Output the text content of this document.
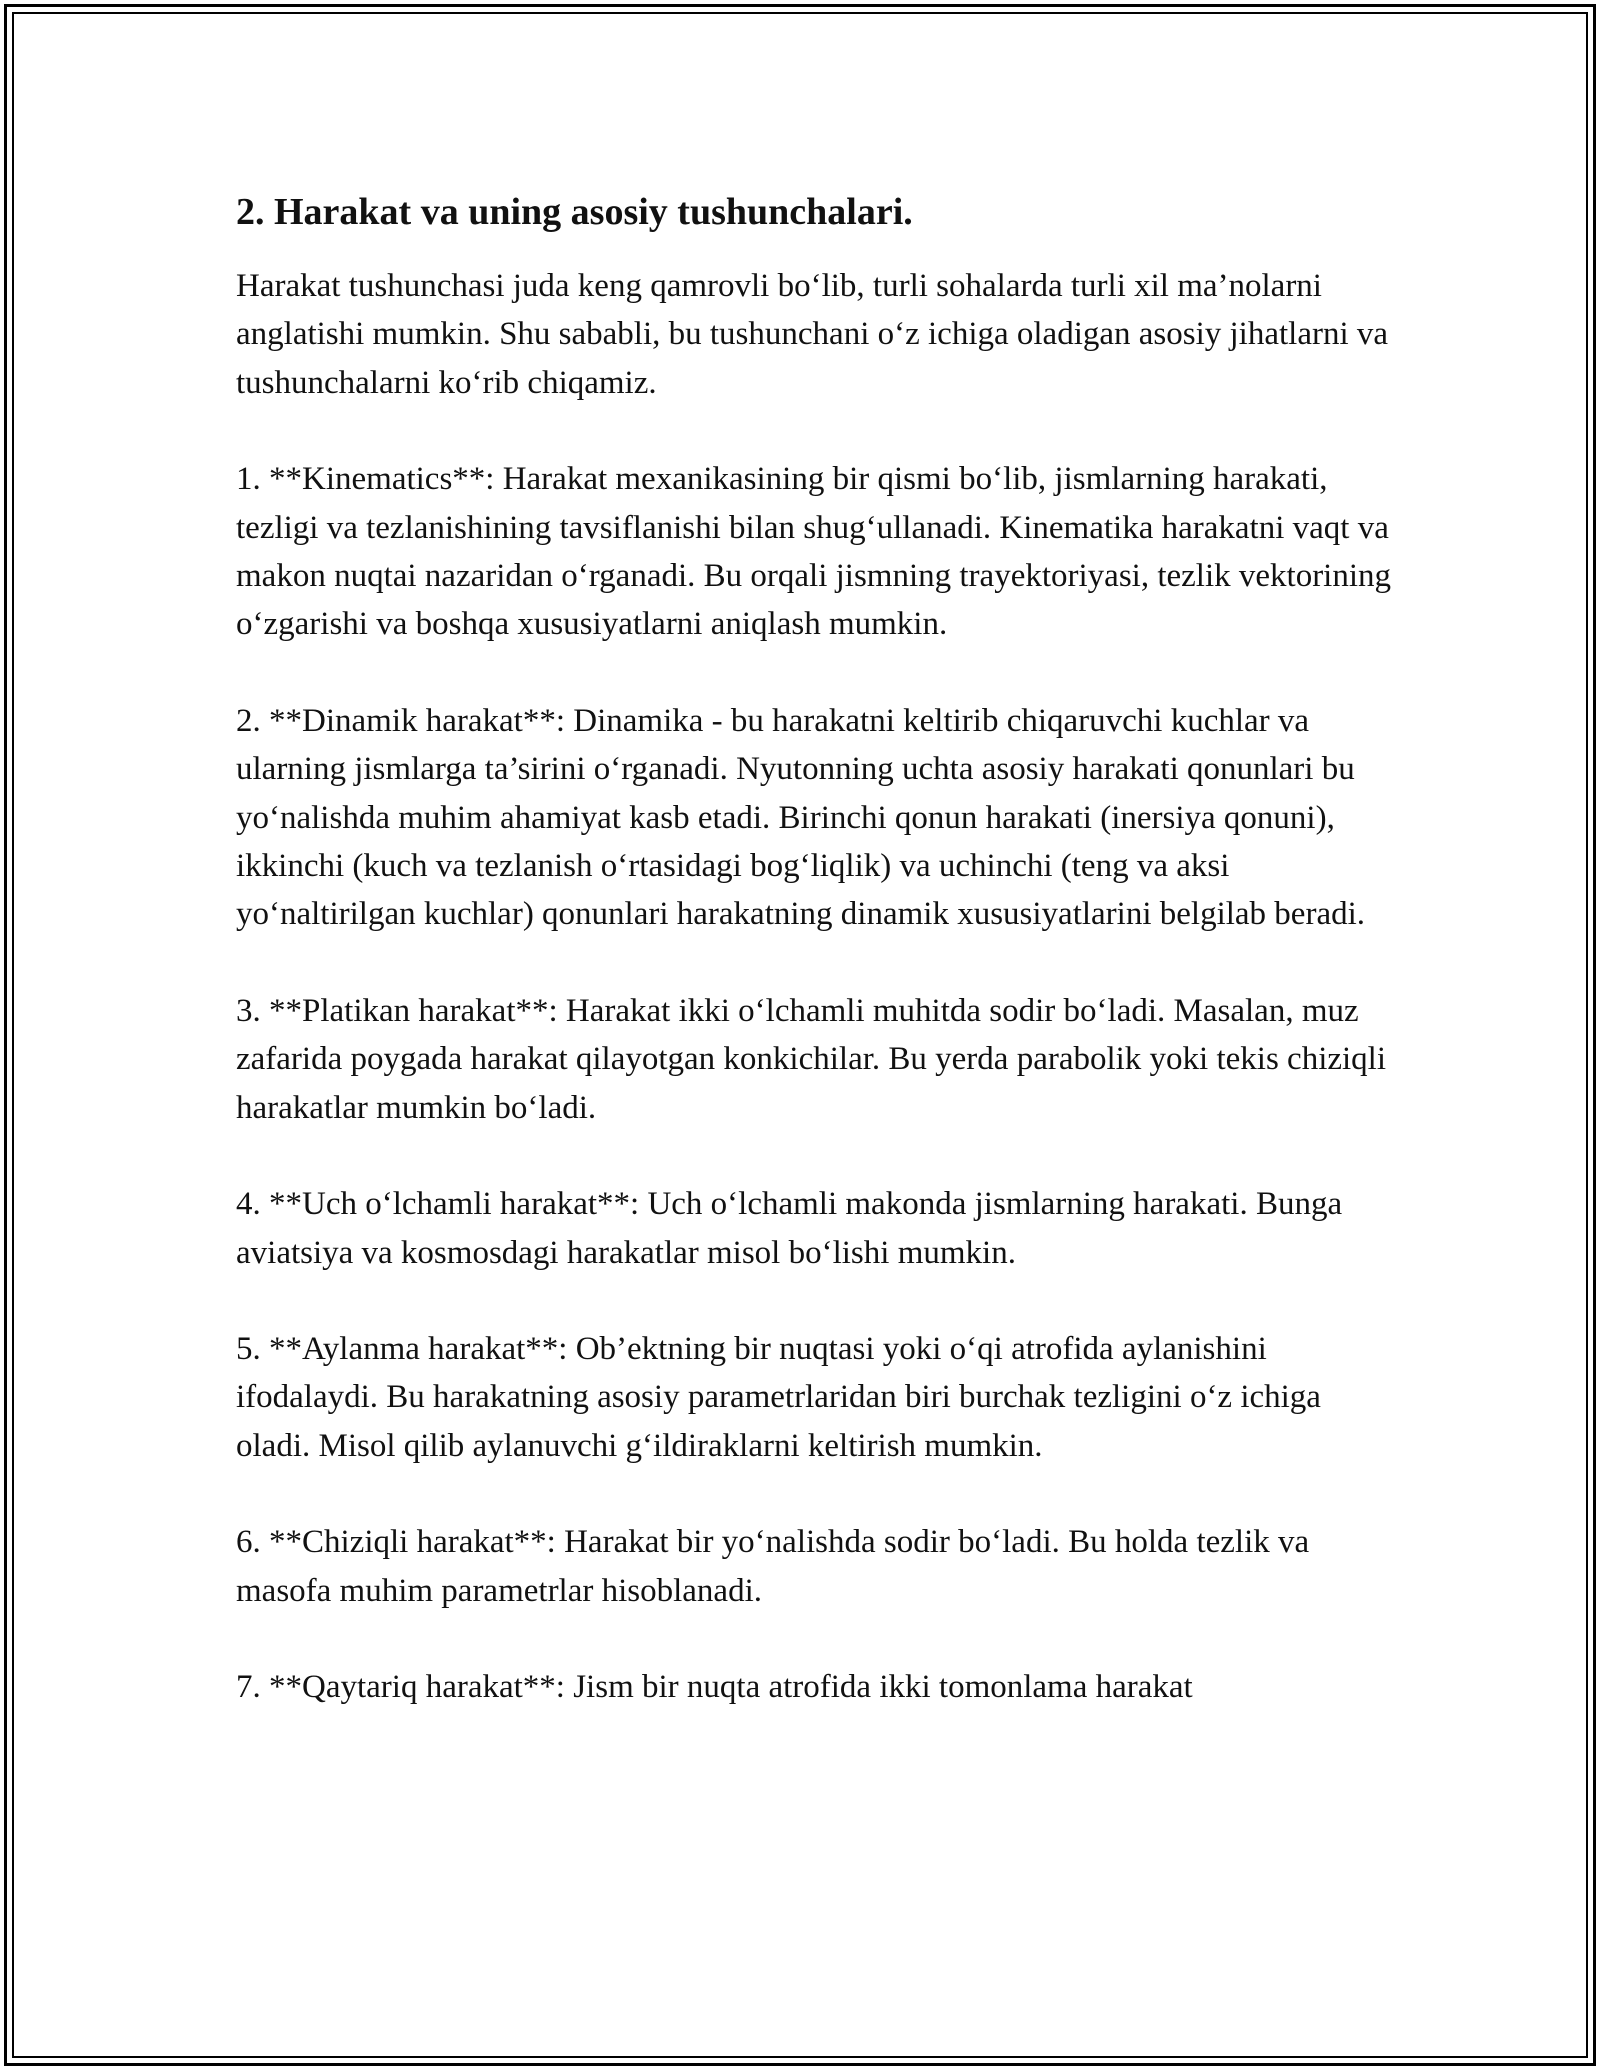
2. Harakat va uning asosiy tushunchalari.

Harakat tushunchasi juda keng qamrovli bo‘lib, turli sohalarda turli xil ma’nolarni anglatishi mumkin. Shu sababli, bu tushunchani o‘z ichiga oladigan asosiy jihatlarni va tushunchalarni ko‘rib chiqamiz.

1. **Kinematics**: Harakat mexanikasining bir qismi bo‘lib, jismlarning harakati, tezligi va tezlanishining tavsiflanishi bilan shug‘ullanadi. Kinematika harakatni vaqt va makon nuqtai nazaridan o‘rganadi. Bu orqali jismning trayektoriyasi, tezlik vektorining o‘zgarishi va boshqa xususiyatlarni aniqlash mumkin.

2. **Dinamik harakat**: Dinamika - bu harakatni keltirib chiqaruvchi kuchlar va ularning jismlarga ta’sirini o‘rganadi. Nyutonning uchta asosiy harakati qonunlari bu yo‘nalishda muhim ahamiyat kasb etadi. Birinchi qonun harakati (inersiya qonuni), ikkinchi (kuch va tezlanish o‘rtasidagi bog‘liqlik) va uchinchi (teng va aksi yo‘naltirilgan kuchlar) qonunlari harakatning dinamik xususiyatlarini belgilab beradi.

3. **Platikan harakat**: Harakat ikki o‘lchamli muhitda sodir bo‘ladi. Masalan, muz zafarida poygada harakat qilayotgan konkichilar. Bu yerda parabolik yoki tekis chiziqli harakatlar mumkin bo‘ladi.

4. **Uch o‘lchamli harakat**: Uch o‘lchamli makonda jismlarning harakati. Bunga aviatsiya va kosmosdagi harakatlar misol bo‘lishi mumkin.

5. **Aylanma harakat**: Ob’ektning bir nuqtasi yoki o‘qi atrofida aylanishini ifodalaydi. Bu harakatning asosiy parametrlaridan biri burchak tezligini o‘z ichiga oladi. Misol qilib aylanuvchi g‘ildiraklarni keltirish mumkin.

6. **Chiziqli harakat**: Harakat bir yo‘nalishda sodir bo‘ladi. Bu holda tezlik va masofa muhim parametrlar hisoblanadi.

7. **Qaytariq harakat**: Jism bir nuqta atrofida ikki tomonlama harakat
